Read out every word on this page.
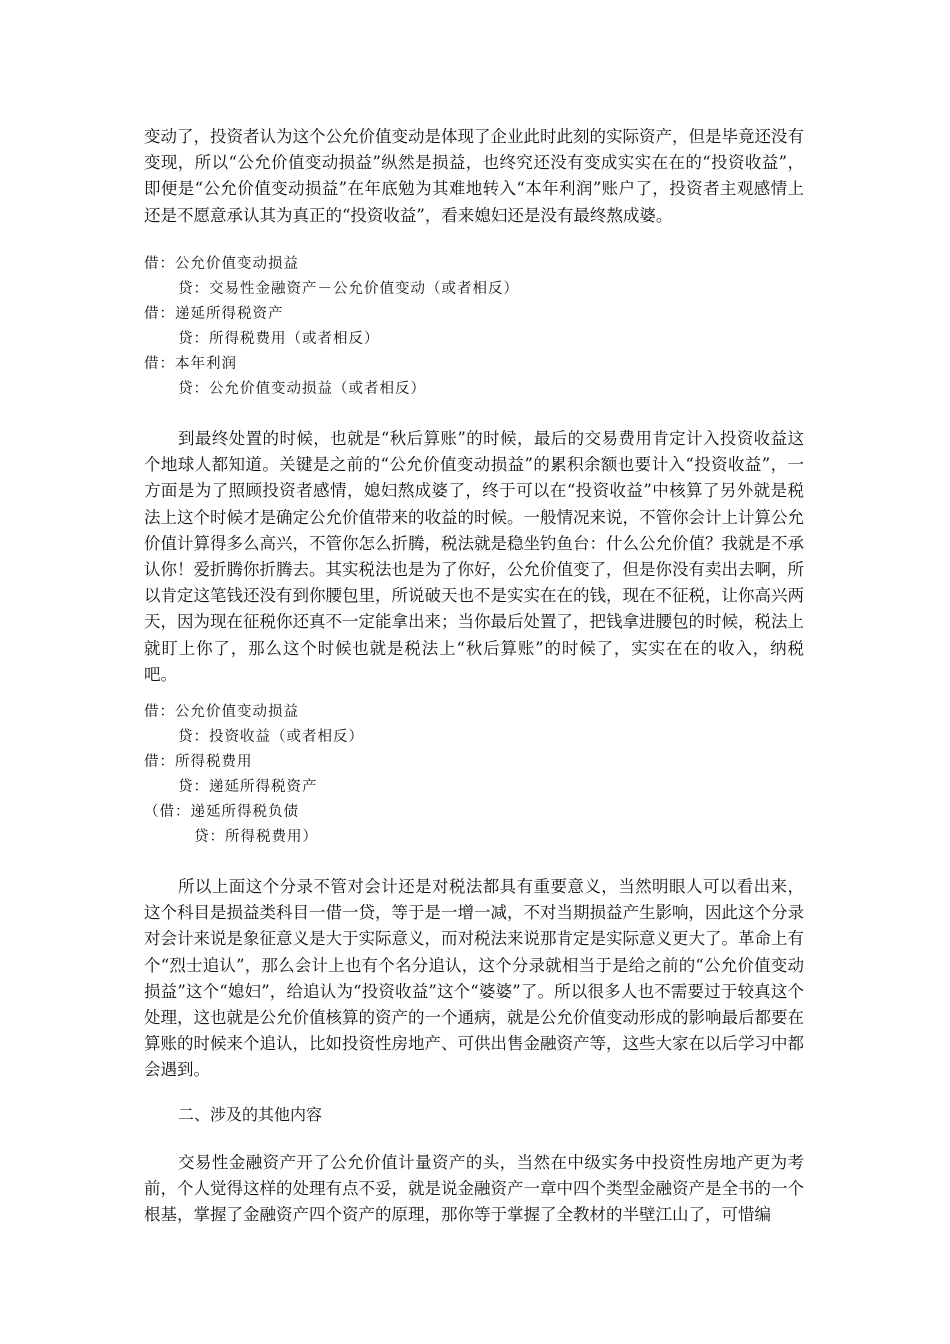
变动了，投资者认为这个公允价值变动是体现了企业此时此刻的实际资产，但是毕竟还没有变现，所以“公允价值变动损益”纵然是损益，也终究还没有变成实实在在的“投资收益”，即便是“公允价值变动损益”在年底勉为其难地转入“本年利润”账户了，投资者主观感情上还是不愿意承认其为真正的“投资收益”，看来媳妇还是没有最终熬成婆。

借：公允价值变动损益
贷：交易性金融资产－公允价值变动（或者相反）
借：递延所得税资产
贷：所得税费用（或者相反）
借：本年利润
贷：公允价值变动损益（或者相反）

到最终处置的时候，也就是“秋后算账”的时候，最后的交易费用肯定计入投资收益这个地球人都知道。关键是之前的“公允价值变动损益”的累积余额也要计入“投资收益”，一方面是为了照顾投资者感情，媳妇熬成婆了，终于可以在“投资收益”中核算了另外就是税法上这个时候才是确定公允价值带来的收益的时候。一般情况来说，不管你会计上计算公允价值计算得多么高兴，不管你怎么折腾，税法就是稳坐钓鱼台：什么公允价值？我就是不承认你！爱折腾你折腾去。其实税法也是为了你好，公允价值变了，但是你没有卖出去啊，所以肯定这笔钱还没有到你腰包里，所说破天也不是实实在在的钱，现在不征税，让你高兴两天，因为现在征税你还真不一定能拿出来；当你最后处置了，把钱拿进腰包的时候，税法上就盯上你了，那么这个时候也就是税法上“秋后算账”的时候了，实实在在的收入，纳税吧。

借：公允价值变动损益
贷：投资收益（或者相反）
借：所得税费用
贷：递延所得税资产
（借：递延所得税负债
贷：所得税费用）

所以上面这个分录不管对会计还是对税法都具有重要意义，当然明眼人可以看出来，这个科目是损益类科目一借一贷，等于是一增一减，不对当期损益产生影响，因此这个分录对会计来说是象征意义是大于实际意义，而对税法来说那肯定是实际意义更大了。革命上有个“烈士追认”，那么会计上也有个名分追认，这个分录就相当于是给之前的“公允价值变动损益”这个“媳妇”，给追认为“投资收益”这个“婆婆”了。所以很多人也不需要过于较真这个处理，这也就是公允价值核算的资产的一个通病，就是公允价值变动形成的影响最后都要在算账的时候来个追认，比如投资性房地产、可供出售金融资产等，这些大家在以后学习中都会遇到。

二、涉及的其他内容

交易性金融资产开了公允价值计量资产的头，当然在中级实务中投资性房地产更为考前，个人觉得这样的处理有点不妥，就是说金融资产一章中四个类型金融资产是全书的一个根基，掌握了金融资产四个资产的原理，那你等于掌握了全教材的半壁江山了，可惜编
